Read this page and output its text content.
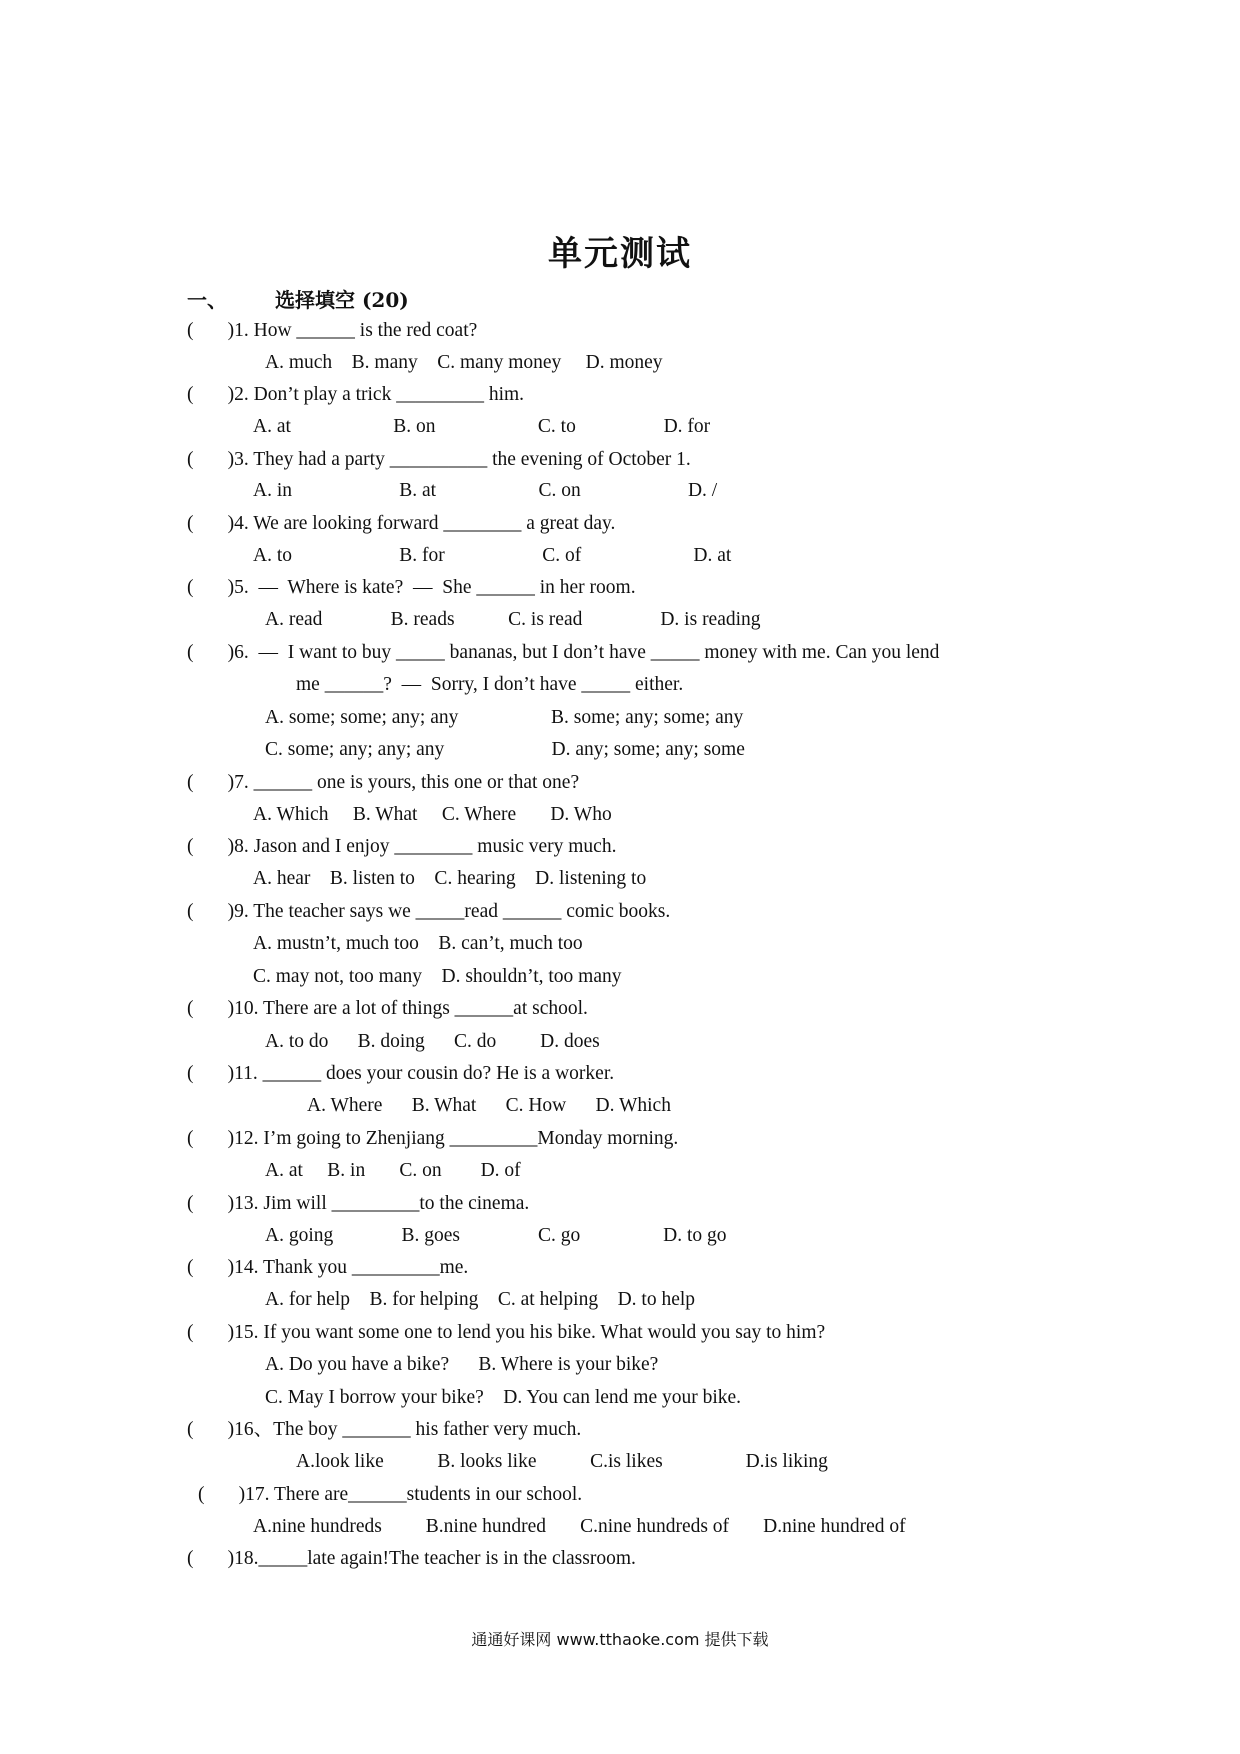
单元测试
一、 选择填空 (20)
(       )1. How ______ is the red coat?
A. much    B. many    C. many money     D. money
(       )2. Don’t play a trick _________ him.
A. at                     B. on                     C. to                  D. for
(       )3. They had a party __________ the evening of October 1.
A. in                      B. at                     C. on                      D. /
(       )4. We are looking forward ________ a great day.
A. to                      B. for                    C. of                       D. at
(       )5.  —  Where is kate?  —  She ______ in her room.
A. read              B. reads           C. is read                D. is reading
(       )6.  —  I want to buy _____ bananas, but I don’t have _____ money with me. Can you lend
me ______?  —  Sorry, I don’t have _____ either.
A. some; some; any; any                   B. some; any; some; any
C. some; any; any; any                      D. any; some; any; some
(       )7. ______ one is yours, this one or that one?
A. Which     B. What     C. Where       D. Who
(       )8. Jason and I enjoy ________ music very much.
A. hear    B. listen to    C. hearing    D. listening to
(       )9. The teacher says we _____read ______ comic books.
A. mustn’t, much too    B. can’t, much too
C. may not, too many    D. shouldn’t, too many
(       )10. There are a lot of things ______at school.
A. to do      B. doing      C. do         D. does
(       )11. ______ does your cousin do? He is a worker.
A. Where      B. What      C. How      D. Which
(       )12. I’m going to Zhenjiang _________Monday morning.
A. at     B. in       C. on        D. of
(       )13. Jim will _________to the cinema.
A. going              B. goes                C. go                 D. to go
(       )14. Thank you _________me.
A. for help    B. for helping    C. at helping    D. to help
(       )15. If you want some one to lend you his bike. What would you say to him?
A. Do you have a bike?      B. Where is your bike?
C. May I borrow your bike?    D. You can lend me your bike.
(       )16、The boy _______ his father very much.
A.look like           B. looks like           C.is likes                 D.is liking
(       )17. There are______students in our school.
A.nine hundreds         B.nine hundred       C.nine hundreds of       D.nine hundred of
(       )18._____late again!The teacher is in the classroom.
通通好课网 www.tthaoke.com 提供下载
